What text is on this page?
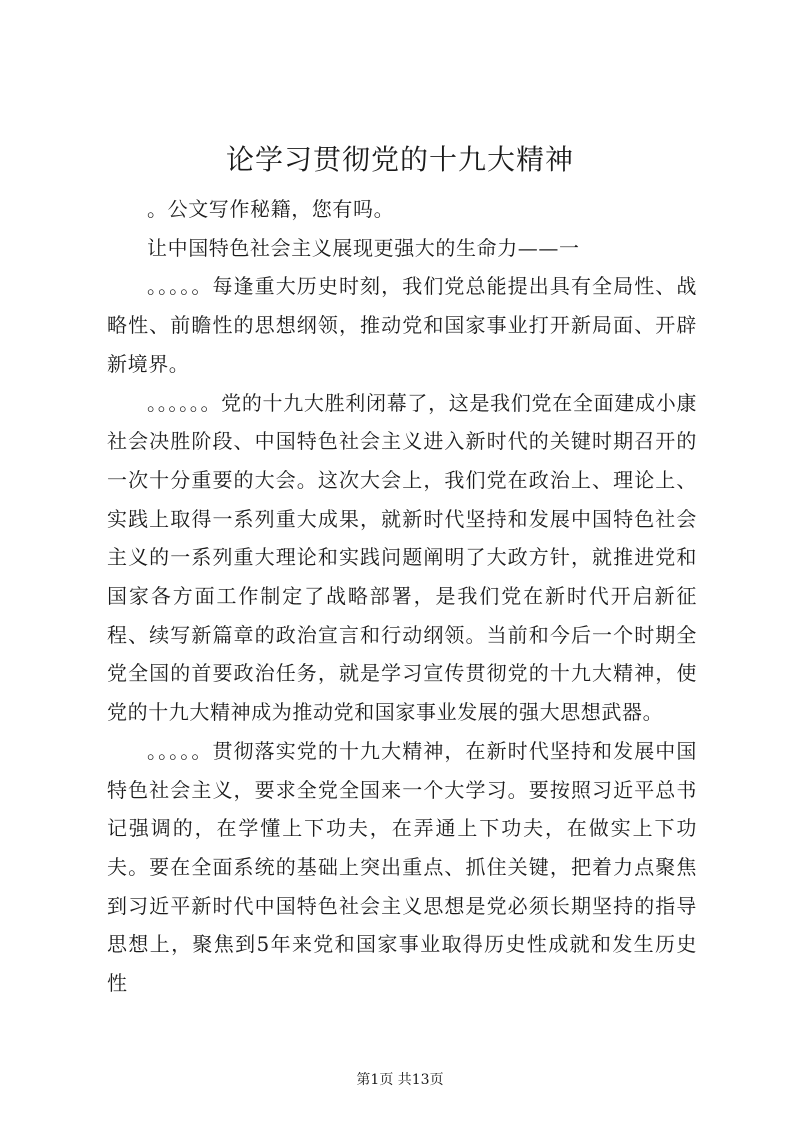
论学习贯彻党的十九大精神

。公文写作秘籍，您有吗。

让中国特色社会主义展现更强大的生命力——一

。。。。。每逢重大历史时刻，我们党总能提出具有全局性、战略性、前瞻性的思想纲领，推动党和国家事业打开新局面、开辟新境界。

。。。。。。党的十九大胜利闭幕了，这是我们党在全面建成小康社会决胜阶段、中国特色社会主义进入新时代的关键时期召开的一次十分重要的大会。这次大会上，我们党在政治上、理论上、实践上取得一系列重大成果，就新时代坚持和发展中国特色社会主义的一系列重大理论和实践问题阐明了大政方针，就推进党和国家各方面工作制定了战略部署，是我们党在新时代开启新征程、续写新篇章的政治宣言和行动纲领。当前和今后一个时期全党全国的首要政治任务，就是学习宣传贯彻党的十九大精神，使党的十九大精神成为推动党和国家事业发展的强大思想武器。

。。。。。贯彻落实党的十九大精神，在新时代坚持和发展中国特色社会主义，要求全党全国来一个大学习。要按照习近平总书记强调的，在学懂上下功夫，在弄通上下功夫，在做实上下功夫。要在全面系统的基础上突出重点、抓住关键，把着力点聚焦到习近平新时代中国特色社会主义思想是党必须长期坚持的指导思想上，聚焦到5年来党和国家事业取得历史性成就和发生历史性

第1页 共13页
